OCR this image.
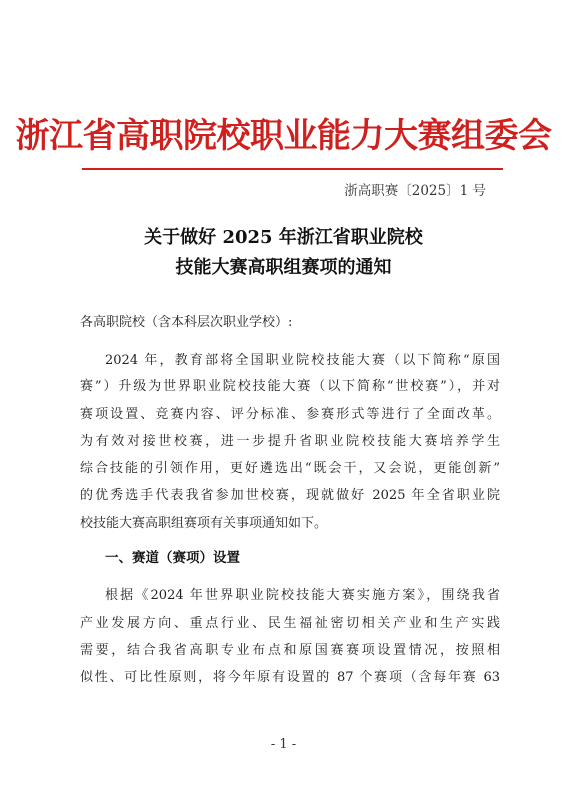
浙江省高职院校职业能力大赛组委会
浙高职赛〔2025〕1 号
关于做好 2025 年浙江省职业院校
技能大赛高职组赛项的通知
各高职院校（含本科层次职业学校）:
2024 年，教育部将全国职业院校技能大赛（以下简称“原国
赛”）升级为世界职业院校技能大赛（以下简称“世校赛”），并对
赛项设置、竞赛内容、评分标准、参赛形式等进行了全面改革。
为有效对接世校赛，进一步提升省职业院校技能大赛培养学生
综合技能的引领作用，更好遴选出“既会干，又会说，更能创新”
的优秀选手代表我省参加世校赛，现就做好 2025 年全省职业院
校技能大赛高职组赛项有关事项通知如下。
一、赛道（赛项）设置
根据《2024 年世界职业院校技能大赛实施方案》，围绕我省
产业发展方向、重点行业、民生福祉密切相关产业和生产实践
需要，结合我省高职专业布点和原国赛赛项设置情况，按照相
似性、可比性原则，将今年原有设置的 87 个赛项（含每年赛 63
- 1 -
